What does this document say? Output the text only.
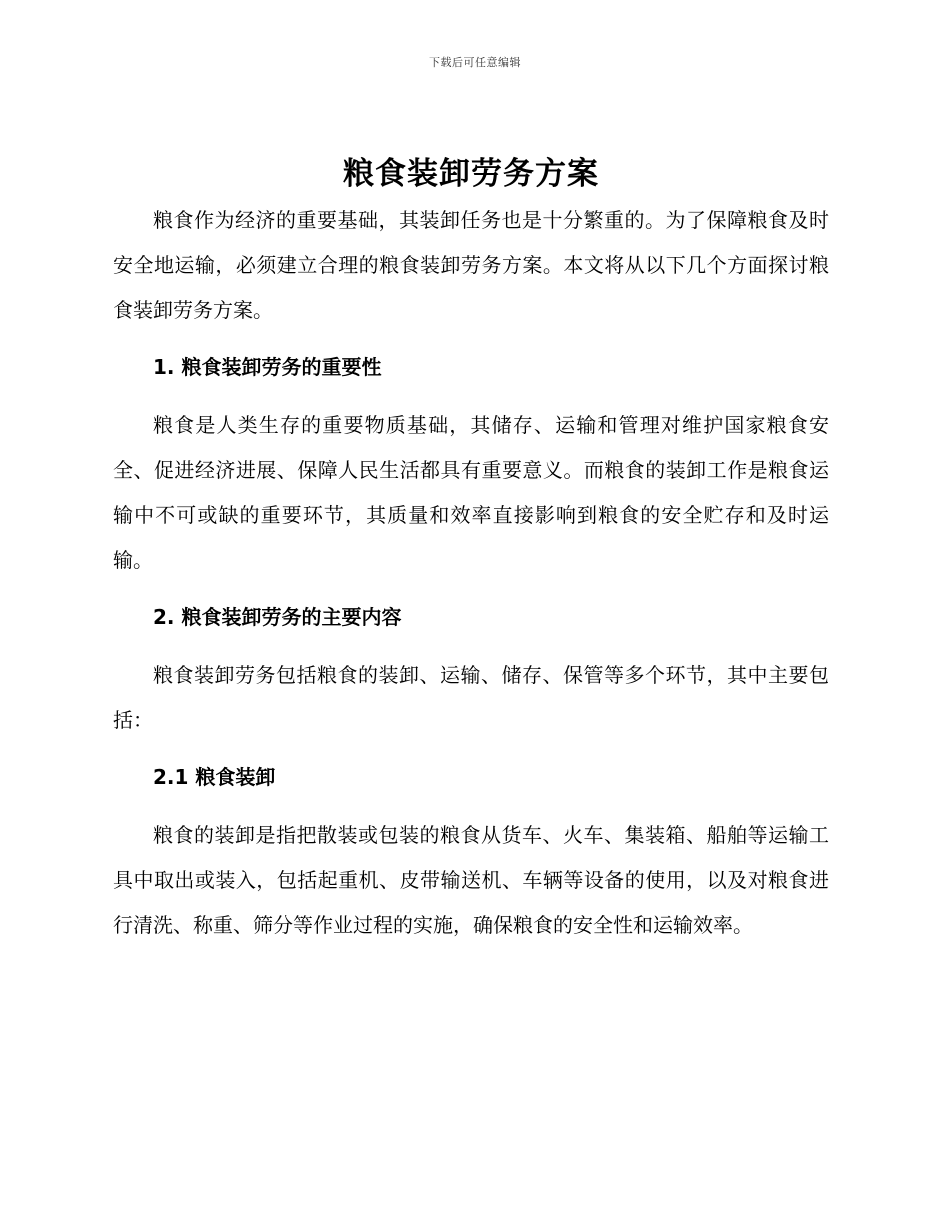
下载后可任意编辑
粮食装卸劳务方案

粮食作为经济的重要基础，其装卸任务也是十分繁重的。为了保障粮食及时安全地运输，必须建立合理的粮食装卸劳务方案。本文将从以下几个方面探讨粮食装卸劳务方案。

1. 粮食装卸劳务的重要性

粮食是人类生存的重要物质基础，其储存、运输和管理对维护国家粮食安全、促进经济进展、保障人民生活都具有重要意义。而粮食的装卸工作是粮食运输中不可或缺的重要环节，其质量和效率直接影响到粮食的安全贮存和及时运输。

2. 粮食装卸劳务的主要内容

粮食装卸劳务包括粮食的装卸、运输、储存、保管等多个环节，其中主要包括：

2.1 粮食装卸

粮食的装卸是指把散装或包装的粮食从货车、火车、集装箱、船舶等运输工具中取出或装入，包括起重机、皮带输送机、车辆等设备的使用，以及对粮食进行清洗、称重、筛分等作业过程的实施，确保粮食的安全性和运输效率。
